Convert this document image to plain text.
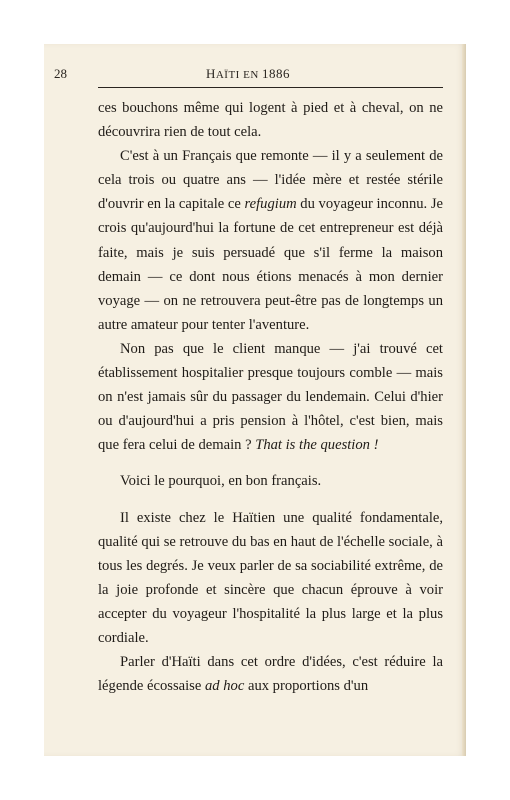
28	HAÏTI EN 1886

ces bouchons même qui logent à pied et à cheval, on ne découvrira rien de tout cela.

C'est à un Français que remonte — il y a seulement de cela trois ou quatre ans — l'idée mère et restée stérile d'ouvrir en la capitale ce refugium du voyageur inconnu. Je crois qu'aujourd'hui la fortune de cet entrepreneur est déjà faite, mais je suis persuadé que s'il ferme la maison demain — ce dont nous étions menacés à mon dernier voyage — on ne retrouvera peut-être pas de longtemps un autre amateur pour tenter l'aventure.

Non pas que le client manque — j'ai trouvé cet établissement hospitalier presque toujours comble — mais on n'est jamais sûr du passager du lendemain. Celui d'hier ou d'aujourd'hui a pris pension à l'hôtel, c'est bien, mais que fera celui de demain ? That is the question !

Voici le pourquoi, en bon français.

Il existe chez le Haïtien une qualité fondamentale, qualité qui se retrouve du bas en haut de l'échelle sociale, à tous les degrés. Je veux parler de sa sociabilité extrême, de la joie profonde et sincère que chacun éprouve à voir accepter du voyageur l'hospitalité la plus large et la plus cordiale.

Parler d'Haïti dans cet ordre d'idées, c'est réduire la légende écossaise ad hoc aux proportions d'un
